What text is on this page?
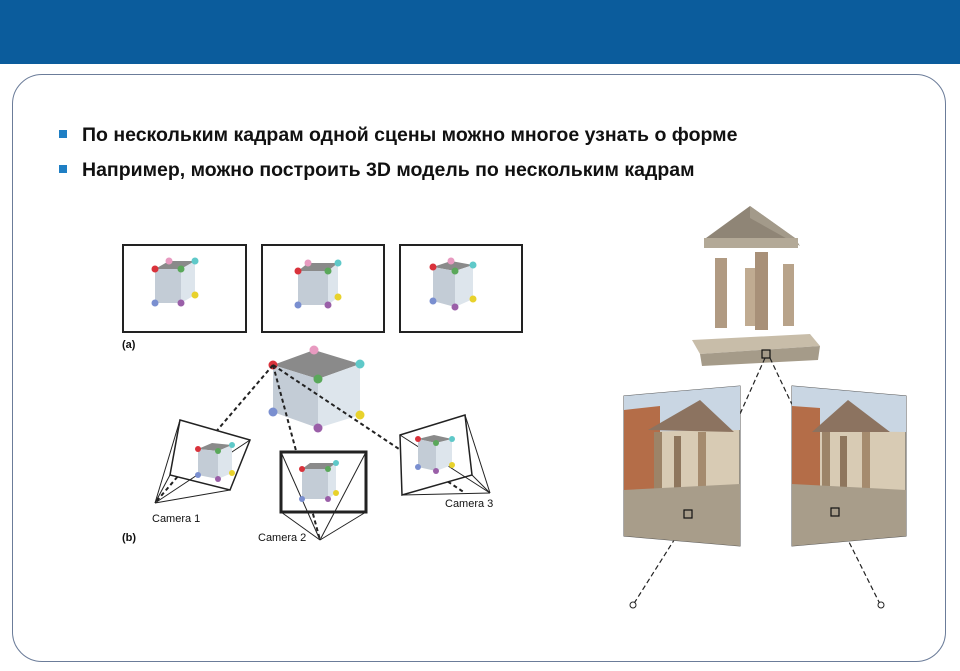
По нескольким кадрам одной сцены можно многое узнать о форме
Например, можно построить 3D модель по нескольким кадрам
(a)
Camera 1
Camera 2
Camera 3
(b)
